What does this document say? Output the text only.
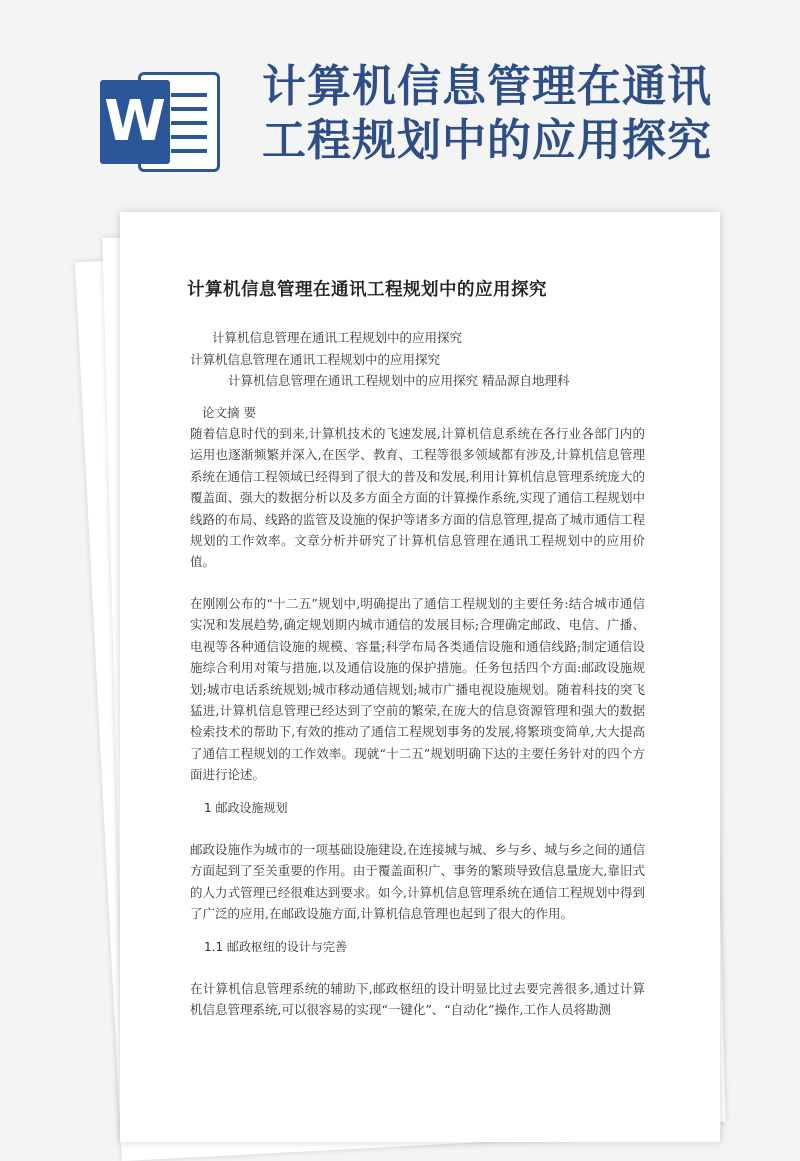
W
计算机信息管理在通讯
工程规划中的应用探究
计算机信息管理在通讯工程规划中的应用探究

计算机信息管理在通讯工程规划中的应用探究

计算机信息管理在通讯工程规划中的应用探究

计算机信息管理在通讯工程规划中的应用探究 精品源自地理科

论文摘 要

随着信息时代的到来,计算机技术的飞速发展,计算机信息系统在各行业各部门内的运用也逐渐频繁并深入,在医学、教育、工程等很多领域都有涉及,计算机信息管理系统在通信工程领域已经得到了很大的普及和发展,利用计算机信息管理系统庞大的覆盖面、强大的数据分析以及多方面全方面的计算操作系统,实现了通信工程规划中线路的布局、线路的监管及设施的保护等诸多方面的信息管理,提高了城市通信工程规划的工作效率。文章分析并研究了计算机信息管理在通讯工程规划中的应用价值。

在刚刚公布的“十二五”规划中,明确提出了通信工程规划的主要任务:结合城市通信实况和发展趋势,确定规划期内城市通信的发展目标;合理确定邮政、电信、广播、电视等各种通信设施的规模、容量;科学布局各类通信设施和通信线路;制定通信设施综合利用对策与措施,以及通信设施的保护措施。任务包括四个方面:邮政设施规划;城市电话系统规划;城市移动通信规划;城市广播电视设施规划。随着科技的突飞猛进,计算机信息管理已经达到了空前的繁荣,在庞大的信息资源管理和强大的数据检索技术的帮助下,有效的推动了通信工程规划事务的发展,将繁琐变简单,大大提高了通信工程规划的工作效率。现就“十二五”规划明确下达的主要任务针对的四个方面进行论述。

1 邮政设施规划

邮政设施作为城市的一项基础设施建设,在连接城与城、乡与乡、城与乡之间的通信方面起到了至关重要的作用。由于覆盖面积广、事务的繁琐导致信息量庞大,靠旧式的人力式管理已经很难达到要求。如今,计算机信息管理系统在通信工程规划中得到了广泛的应用,在邮政设施方面,计算机信息管理也起到了很大的作用。

1.1 邮政枢纽的设计与完善

在计算机信息管理系统的辅助下,邮政枢纽的设计明显比过去要完善很多,通过计算机信息管理系统,可以很容易的实现“一键化”、“自动化”操作,工作人员将勘测
